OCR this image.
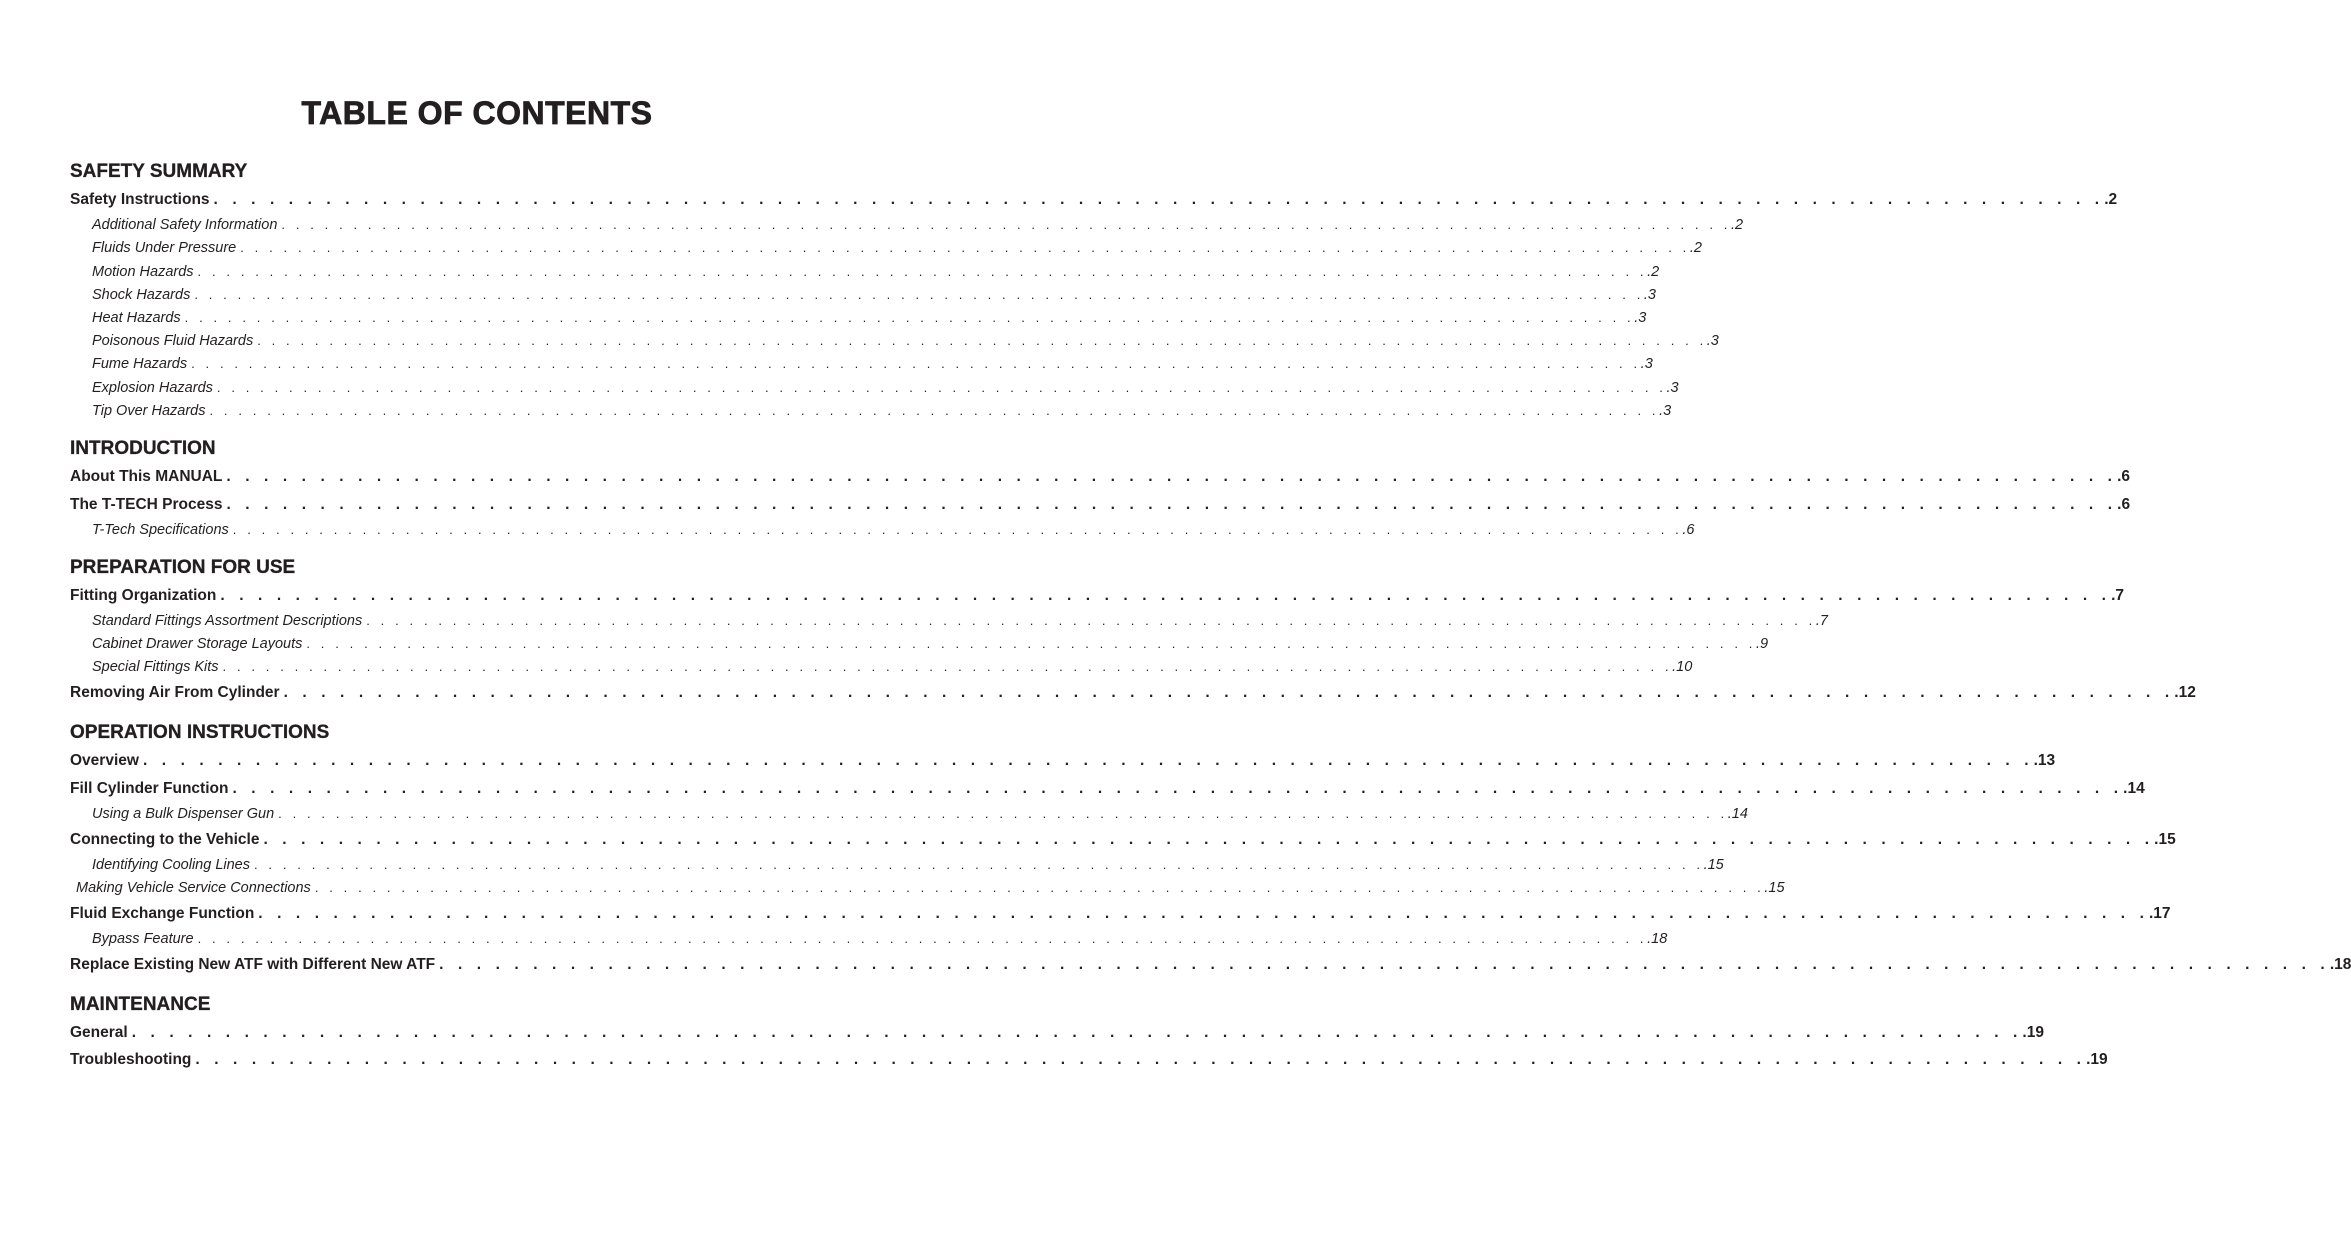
TABLE OF CONTENTS
SAFETY SUMMARY
Safety Instructions . . . . . . . . . . . . . . . . . . . . . . . . . . . . . . . . . . . . . . . . . . . . . . . . . . . . . . . . . . . . . . . . . . . . . . . . . . . . . . . . . . . . . . . . . . . . . . . . . . . . . .2
Additional Safety Information . . . . . . . . . . . . . . . . . . . . . . . . . . . . . . . . . . . . . . . . . . . . . . . . . . . . . . . . . . . . . . . . . . . . . . . . . . . . . . . . . . . . . . . . . . . . . . . . . . . . . .2
Fluids Under Pressure . . . . . . . . . . . . . . . . . . . . . . . . . . . . . . . . . . . . . . . . . . . . . . . . . . . . . . . . . . . . . . . . . . . . . . . . . . . . . . . . . . . . . . . . . . . . . . . . . . . . . .2
Motion Hazards . . . . . . . . . . . . . . . . . . . . . . . . . . . . . . . . . . . . . . . . . . . . . . . . . . . . . . . . . . . . . . . . . . . . . . . . . . . . . . . . . . . . . . . . . . . . . . . . . . . . . .2
Shock Hazards . . . . . . . . . . . . . . . . . . . . . . . . . . . . . . . . . . . . . . . . . . . . . . . . . . . . . . . . . . . . . . . . . . . . . . . . . . . . . . . . . . . . . . . . . . . . . . . . . . . . . .3
Heat Hazards . . . . . . . . . . . . . . . . . . . . . . . . . . . . . . . . . . . . . . . . . . . . . . . . . . . . . . . . . . . . . . . . . . . . . . . . . . . . . . . . . . . . . . . . . . . . . . . . . . . . . .3
Poisonous Fluid Hazards . . . . . . . . . . . . . . . . . . . . . . . . . . . . . . . . . . . . . . . . . . . . . . . . . . . . . . . . . . . . . . . . . . . . . . . . . . . . . . . . . . . . . . . . . . . . . . . . . . . . . .3
Fume Hazards . . . . . . . . . . . . . . . . . . . . . . . . . . . . . . . . . . . . . . . . . . . . . . . . . . . . . . . . . . . . . . . . . . . . . . . . . . . . . . . . . . . . . . . . . . . . . . . . . . . . . .3
Explosion Hazards . . . . . . . . . . . . . . . . . . . . . . . . . . . . . . . . . . . . . . . . . . . . . . . . . . . . . . . . . . . . . . . . . . . . . . . . . . . . . . . . . . . . . . . . . . . . . . . . . . . . . .3
Tip Over Hazards . . . . . . . . . . . . . . . . . . . . . . . . . . . . . . . . . . . . . . . . . . . . . . . . . . . . . . . . . . . . . . . . . . . . . . . . . . . . . . . . . . . . . . . . . . . . . . . . . . . . . .3
INTRODUCTION
About This MANUAL . . . . . . . . . . . . . . . . . . . . . . . . . . . . . . . . . . . . . . . . . . . . . . . . . . . . . . . . . . . . . . . . . . . . . . . . . . . . . . . . . . . . . . . . . . . . . . . . . . . . . .6
The T-TECH Process . . . . . . . . . . . . . . . . . . . . . . . . . . . . . . . . . . . . . . . . . . . . . . . . . . . . . . . . . . . . . . . . . . . . . . . . . . . . . . . . . . . . . . . . . . . . . . . . . . . . . .6
T-Tech Specifications . . . . . . . . . . . . . . . . . . . . . . . . . . . . . . . . . . . . . . . . . . . . . . . . . . . . . . . . . . . . . . . . . . . . . . . . . . . . . . . . . . . . . . . . . . . . . . . . . . . . . .6
PREPARATION FOR USE
Fitting Organization . . . . . . . . . . . . . . . . . . . . . . . . . . . . . . . . . . . . . . . . . . . . . . . . . . . . . . . . . . . . . . . . . . . . . . . . . . . . . . . . . . . . . . . . . . . . . . . . . . . . . .7
Standard Fittings Assortment Descriptions . . . . . . . . . . . . . . . . . . . . . . . . . . . . . . . . . . . . . . . . . . . . . . . . . . . . . . . . . . . . . . . . . . . . . . . . . . . . . . . . . . . . . . . . . . . . . . . . . . . . . .7
Cabinet Drawer Storage Layouts . . . . . . . . . . . . . . . . . . . . . . . . . . . . . . . . . . . . . . . . . . . . . . . . . . . . . . . . . . . . . . . . . . . . . . . . . . . . . . . . . . . . . . . . . . . . . . . . . . . . . .9
Special Fittings Kits . . . . . . . . . . . . . . . . . . . . . . . . . . . . . . . . . . . . . . . . . . . . . . . . . . . . . . . . . . . . . . . . . . . . . . . . . . . . . . . . . . . . . . . . . . . . . . . . . . . . . .10
Removing Air From Cylinder . . . . . . . . . . . . . . . . . . . . . . . . . . . . . . . . . . . . . . . . . . . . . . . . . . . . . . . . . . . . . . . . . . . . . . . . . . . . . . . . . . . . . . . . . . . . . . . . . . . . . .12
OPERATION INSTRUCTIONS
Overview . . . . . . . . . . . . . . . . . . . . . . . . . . . . . . . . . . . . . . . . . . . . . . . . . . . . . . . . . . . . . . . . . . . . . . . . . . . . . . . . . . . . . . . . . . . . . . . . . . . . . .13
Fill Cylinder Function . . . . . . . . . . . . . . . . . . . . . . . . . . . . . . . . . . . . . . . . . . . . . . . . . . . . . . . . . . . . . . . . . . . . . . . . . . . . . . . . . . . . . . . . . . . . . . . . . . . . . .14
Using a Bulk Dispenser Gun . . . . . . . . . . . . . . . . . . . . . . . . . . . . . . . . . . . . . . . . . . . . . . . . . . . . . . . . . . . . . . . . . . . . . . . . . . . . . . . . . . . . . . . . . . . . . . . . . . . . . .14
Connecting to the Vehicle . . . . . . . . . . . . . . . . . . . . . . . . . . . . . . . . . . . . . . . . . . . . . . . . . . . . . . . . . . . . . . . . . . . . . . . . . . . . . . . . . . . . . . . . . . . . . . . . . . . . . .15
Identifying Cooling Lines . . . . . . . . . . . . . . . . . . . . . . . . . . . . . . . . . . . . . . . . . . . . . . . . . . . . . . . . . . . . . . . . . . . . . . . . . . . . . . . . . . . . . . . . . . . . . . . . . . . . . .15
Making Vehicle Service Connections . . . . . . . . . . . . . . . . . . . . . . . . . . . . . . . . . . . . . . . . . . . . . . . . . . . . . . . . . . . . . . . . . . . . . . . . . . . . . . . . . . . . . . . . . . . . . . . . . . . . . .15
Fluid Exchange Function . . . . . . . . . . . . . . . . . . . . . . . . . . . . . . . . . . . . . . . . . . . . . . . . . . . . . . . . . . . . . . . . . . . . . . . . . . . . . . . . . . . . . . . . . . . . . . . . . . . . . .17
Bypass Feature . . . . . . . . . . . . . . . . . . . . . . . . . . . . . . . . . . . . . . . . . . . . . . . . . . . . . . . . . . . . . . . . . . . . . . . . . . . . . . . . . . . . . . . . . . . . . . . . . . . . . .18
Replace Existing New ATF with Different New ATF . . . . . . . . . . . . . . . . . . . . . . . . . . . . . . . . . . . . . . . . . . . . . . . . . . . . . . . . . . . . . . . . . . . . . . . . . . . . . . . . . . . . . . . . . . . . . . . . . . . . . .18
MAINTENANCE
General . . . . . . . . . . . . . . . . . . . . . . . . . . . . . . . . . . . . . . . . . . . . . . . . . . . . . . . . . . . . . . . . . . . . . . . . . . . . . . . . . . . . . . . . . . . . . . . . . . . . . .19
Troubleshooting . . . . . . . . . . . . . . . . . . . . . . . . . . . . . . . . . . . . . . . . . . . . . . . . . . . . . . . . . . . . . . . . . . . . . . . . . . . . . . . . . . . . . . . . . . . . . . . . . . . . . .19
